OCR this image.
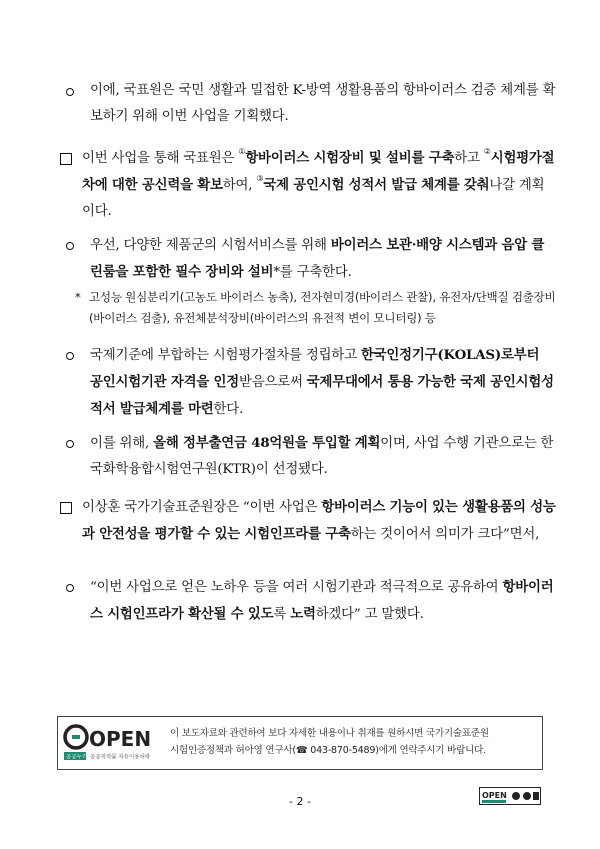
이에, 국표원은 국민 생활과 밀접한 K-방역 생활용품의 항바이러스 검증 체계를 확보하기 위해 이번 사업을 기획했다.
이번 사업을 통해 국표원은 ①항바이러스 시험장비 및 설비를 구축하고 ②시험평가절차에 대한 공신력을 확보하여, ③국제 공인시험 성적서 발급 체계를 갖춰나갈 계획이다.
우선, 다양한 제품군의 시험서비스를 위해 바이러스 보관·배양 시스템과 음압 클린룸을 포함한 필수 장비와 설비*를 구축한다.
* 고성능 원심분리기(고농도 바이러스 농축), 전자현미경(바이러스 관찰), 유전자/단백질 검출장비(바이러스 검출), 유전체분석장비(바이러스의 유전적 변이 모니터링) 등
국제기준에 부합하는 시험평가절차를 정립하고 한국인정기구(KOLAS)로부터 공인시험기관 자격을 인정받음으로써 국제무대에서 통용 가능한 국제 공인시험성적서 발급체계를 마련한다.
이를 위해, 올해 정부출연금 48억원을 투입할 계획이며, 사업 수행 기관으로는 한국화학융합시험연구원(KTR)이 선정됐다.
이상훈 국가기술표준원장은 “이번 사업은 항바이러스 기능이 있는 생활용품의 성능과 안전성을 평가할 수 있는 시험인프라를 구축하는 것이어서 의미가 크다”면서,
“이번 사업으로 얻은 노하우 등을 여러 시험기관과 적극적으로 공유하여 항바이러스 시험인프라가 확산될 수 있도록 노력하겠다” 고 말했다.
OPEN
공공누리 공공저작물 자유이용허락
이 보도자료와 관련하여 보다 자세한 내용이나 취재를 원하시면 국가기술표준원
시험인증정책과 허아영 연구사(☎ 043-870-5489)에게 연락주시기 바랍니다.
- 2 -	OPEN
